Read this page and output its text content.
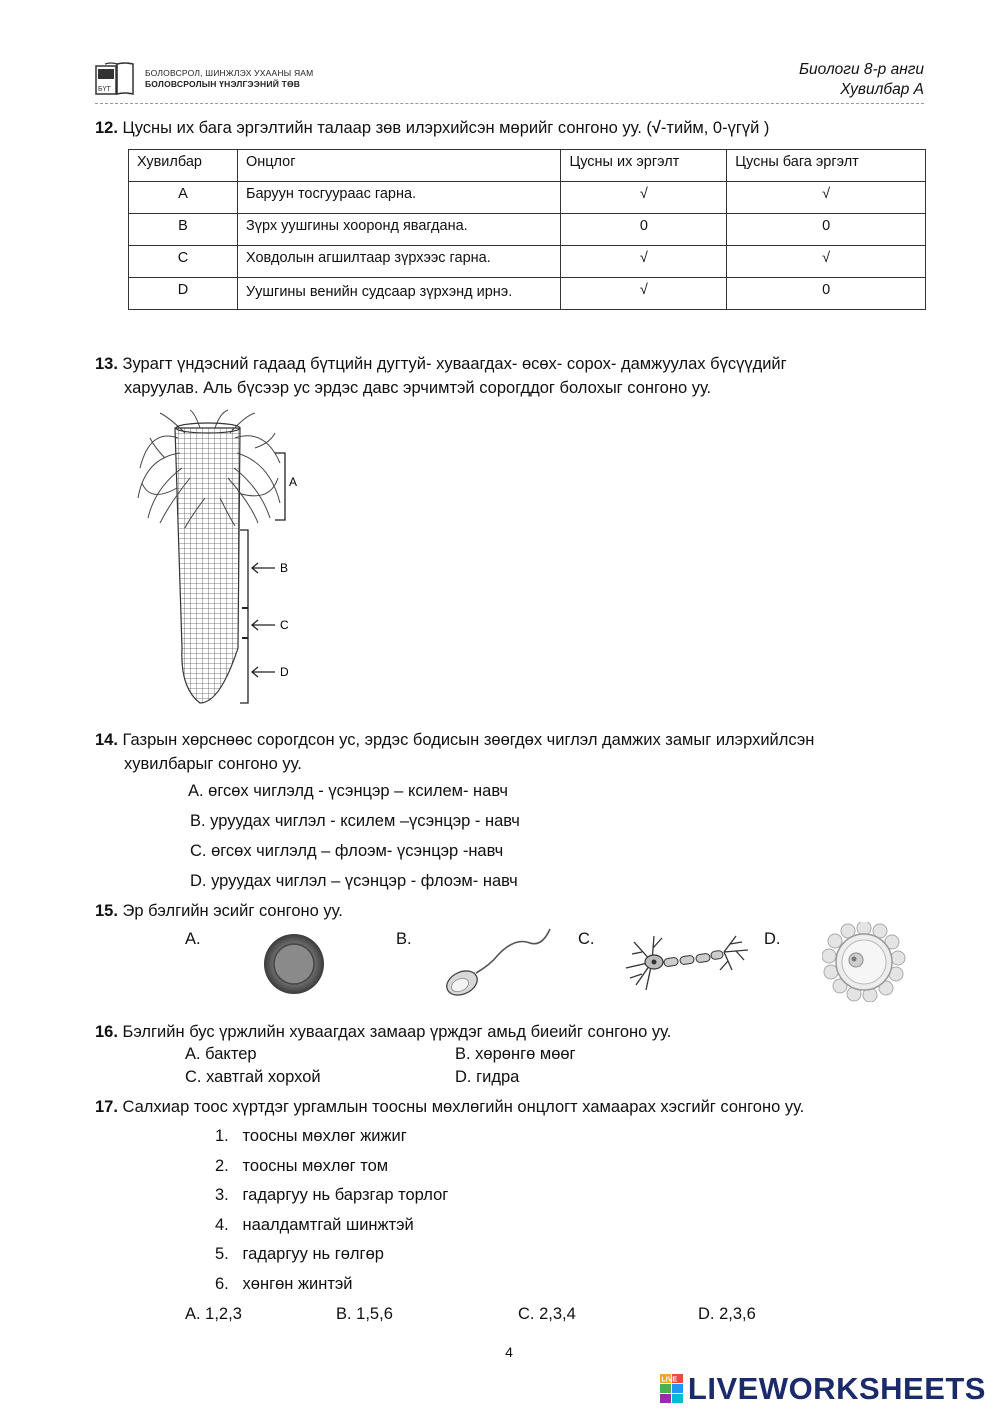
БҮТ
БОЛОВСРОЛ, ШИНЖЛЭХ УХААНЫ ЯАМ
БОЛОВСРОЛЫН ҮНЭЛГЭЭНИЙ ТӨВ
Биологи 8-р анги
Хувилбар А
12. Цусны их бага эргэлтийн талаар зөв илэрхийсэн мөрийг сонгоно уу. (√-тийм, 0-үгүй )
Хувилбар	Онцлог	Цусны их эргэлт	Цусны бага эргэлт
A	Баруун тосгуураас гарна.	√	√
B	Зүрх уушгины хооронд явагдана.	0	0
C	Ховдолын агшилтаар зүрхээс гарна.	√	√
D	Уушгины венийн судсаар зүрхэнд ирнэ.	√	0
13. Зурагт үндэсний гадаад бүтцийн дугтуй- хуваагдах- өсөх- сорох- дамжуулах бүсүүдийг
харуулав. Аль бүсээр ус эрдэс давс эрчимтэй сорогддог болохыг сонгоно уу.
A
B
C
D
14. Газрын хөрснөөс сорогдсон ус, эрдэс бодисын зөөгдөх чиглэл дамжих замыг илэрхийлсэн
хувилбарыг сонгоно уу.
A. өгсөх чиглэлд - үсэнцэр – ксилем- навч
B. уруудах чиглэл - ксилем –үсэнцэр - навч
C. өгсөх чиглэлд – флоэм- үсэнцэр -навч
D. уруудах чиглэл – үсэнцэр - флоэм- навч
15. Эр бэлгийн эсийг сонгоно уу.
A.	B.	C.	D.
16. Бэлгийн бус үржлийн хуваагдах замаар үрждэг амьд биеийг сонгоно уу.
A. бактер	B. хөрөнгө мөөг
C. хавтгай хорхой	D. гидра
17. Салхиар тоос хүртдэг ургамлын тоосны мөхлөгийн онцлогт хамаарах хэсгийг сонгоно уу.
1. тоосны мөхлөг жижиг
2. тоосны мөхлөг том
3. гадаргуу нь барзгар торлог
4. наалдамтгай шинжтэй
5. гадаргуу нь гөлгөр
6. хөнгөн жинтэй
A. 1,2,3	B. 1,5,6	C. 2,3,4	D. 2,3,6
4
LIVE LIVEWORKSHEETS
